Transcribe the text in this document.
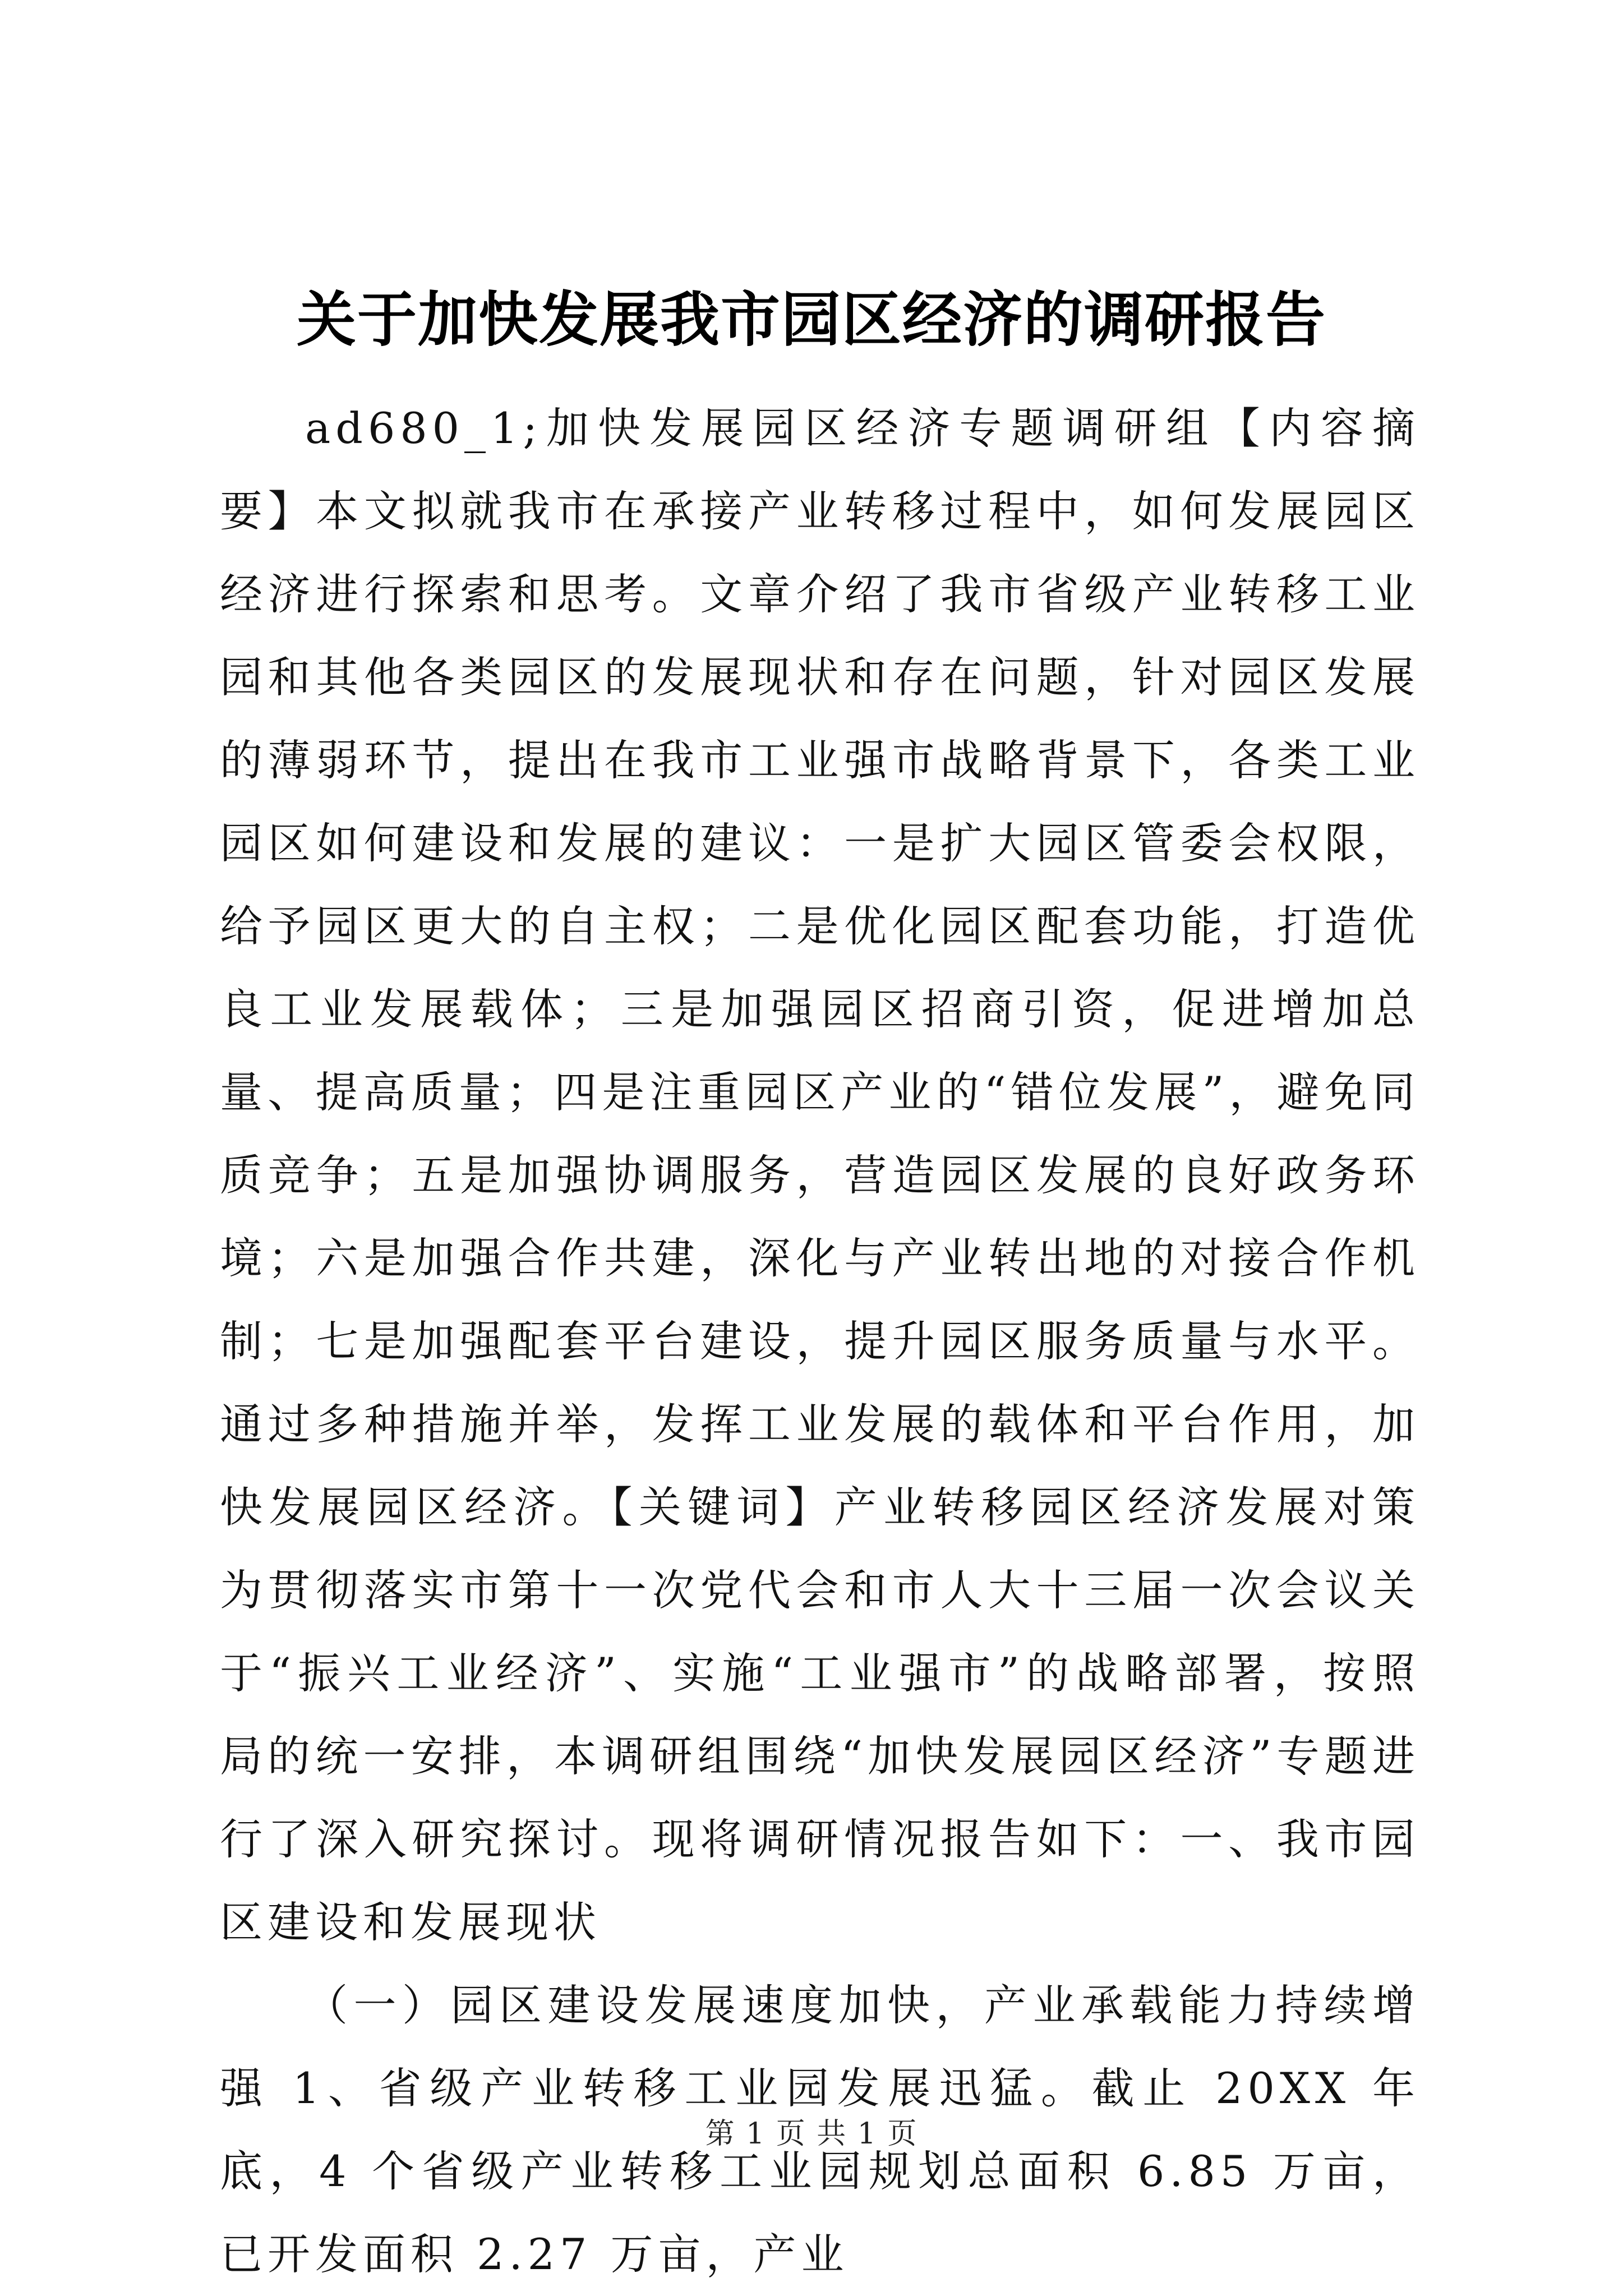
关于加快发展我市园区经济的调研报告

ad680_1;加快发展园区经济专题调研组【内容摘要】本文拟就我市在承接产业转移过程中，如何发展园区经济进行探索和思考。文章介绍了我市省级产业转移工业园和其他各类园区的发展现状和存在问题，针对园区发展的薄弱环节，提出在我市工业强市战略背景下，各类工业园区如何建设和发展的建议：一是扩大园区管委会权限，给予园区更大的自主权；二是优化园区配套功能，打造优良工业发展载体；三是加强园区招商引资，促进增加总量、提高质量；四是注重园区产业的“错位发展”，避免同质竞争；五是加强协调服务，营造园区发展的良好政务环境；六是加强合作共建，深化与产业转出地的对接合作机制；七是加强配套平台建设，提升园区服务质量与水平。通过多种措施并举，发挥工业发展的载体和平台作用，加快发展园区经济。【关键词】产业转移园区经济发展对策为贯彻落实市第十一次党代会和市人大十三届一次会议关于“振兴工业经济”、实施“工业强市”的战略部署，按照局的统一安排，本调研组围绕“加快发展园区经济”专题进行了深入研究探讨。现将调研情况报告如下：一、我市园区建设和发展现状

（一）园区建设发展速度加快，产业承载能力持续增强 1、省级产业转移工业园发展迅猛。截止 20XX 年底，4 个省级产业转移工业园规划总面积 6.85 万亩，已开发面积 2.27 万亩，产业

第 1 页 共 1 页
